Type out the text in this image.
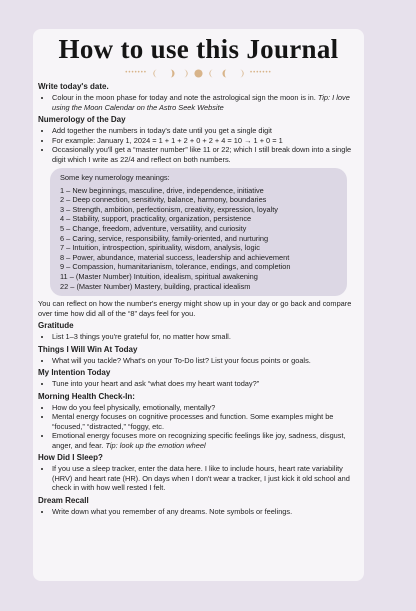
How to use this Journal
•••••••	•••••••
Write today's date.
• Colour in the moon phase for today and note the astrological sign the moon is in. Tip: I love using the Moon Calendar on the Astro Seek Website
Numerology of the Day
• Add together the numbers in today's date until you get a single digit
• For example: January 1, 2024 = 1 + 1 + 2 + 0 + 2 + 4 = 10 → 1 + 0 = 1
• Occasionally you'll get a “master number” like 11 or 22; which I still break down into a single digit which I write as 22/4 and reflect on both numbers.

Some key numerology meanings:

1 – New beginnings, masculine, drive, independence, initiative

2 – Deep connection, sensitivity, balance, harmony, boundaries

3 – Strength, ambition, perfectionism, creativity, expression, loyalty

4 – Stability, support, practicality, organization, persistence

5 – Change, freedom, adventure, versatility, and curiosity

6 – Caring, service, responsibility, family-oriented, and nurturing

7 – Intuition, introspection, spirituality, wisdom, analysis, logic

8 – Power, abundance, material success, leadership and achievement

9 – Compassion, humanitarianism, tolerance, endings, and completion

11 – (Master Number) Intuition, idealism, spiritual awakening

22 – (Master Number) Mastery, building, practical idealism

You can reflect on how the number's energy might show up in your day or go back and compare over time how did all of the “8” days feel for you.

Gratitude
• List 1–3 things you're grateful for, no matter how small.
Things I Will Win At Today
• What will you tackle? What's on your To-Do list? List your focus points or goals.
My Intention Today
• Tune into your heart and ask “what does my heart want today?”
Morning Health Check-In:
• How do you feel physically, emotionally, mentally?
• Mental energy focuses on cognitive processes and function. Some examples might be “focused,” “distracted,” “foggy, etc.
• Emotional energy focuses more on recognizing specific feelings like joy, sadness, disgust, anger, and fear. Tip: look up the emotion wheel
How Did I Sleep?
• If you use a sleep tracker, enter the data here. I like to include hours, heart rate variability (HRV) and heart rate (HR). On days when I don't wear a tracker, I just kick it old school and check in with how well rested I felt.
Dream Recall
• Write down what you remember of any dreams. Note symbols or feelings.
